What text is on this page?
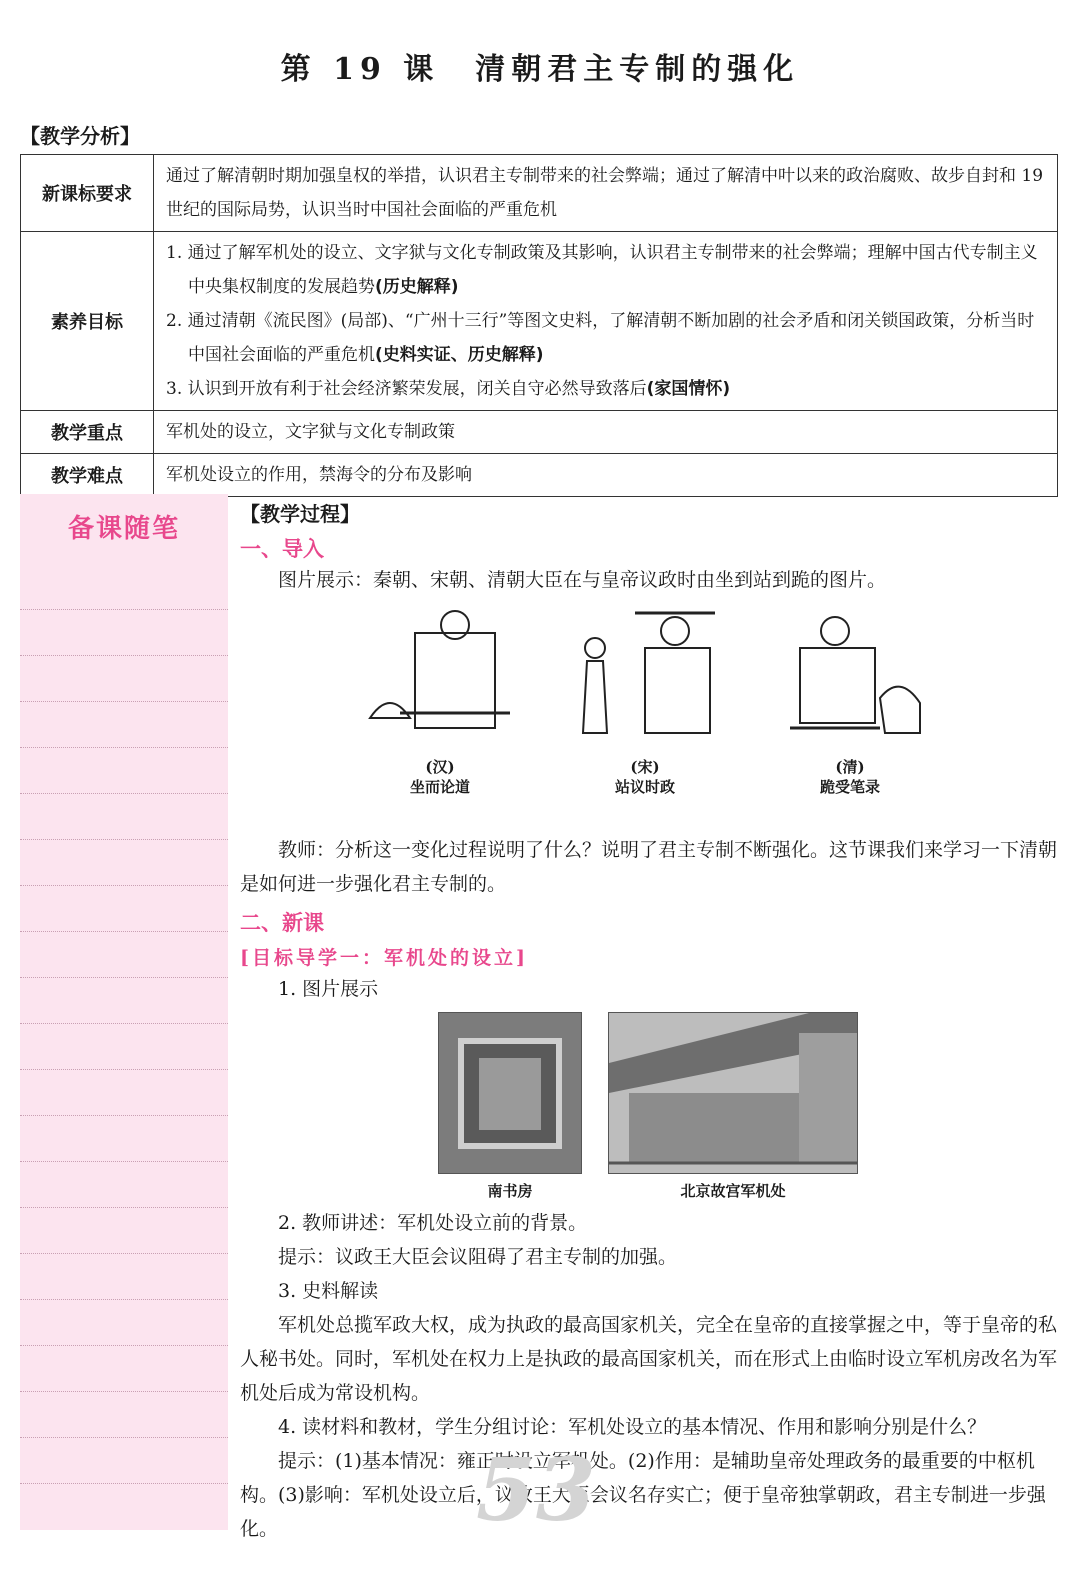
第 19 课　清朝君主专制的强化
【教学分析】
新课标要求	通过了解清朝时期加强皇权的举措，认识君主专制带来的社会弊端；通过了解清中叶以来的政治腐败、故步自封和 19 世纪的国际局势，认识当时中国社会面临的严重危机
素养目标	1. 通过了解军机处的设立、文字狱与文化专制政策及其影响，认识君主专制带来的社会弊端；理解中国古代专制主义中央集权制度的发展趋势(历史解释)
2. 通过清朝《流民图》(局部)、“广州十三行”等图文史料，了解清朝不断加剧的社会矛盾和闭关锁国政策，分析当时中国社会面临的严重危机(史料实证、历史解释)
3. 认识到开放有利于社会经济繁荣发展，闭关自守必然导致落后(家国情怀)

教学重点	军机处的设立，文字狱与文化专制政策
教学难点	军机处设立的作用，禁海令的分布及影响
备课随笔	【教学过程】
一、导入

图片展示：秦朝、宋朝、清朝大臣在与皇帝议政时由坐到站到跪的图片。

(汉)
坐而论道
(宋)
站议时政
(清)
跪受笔录

教师：分析这一变化过程说明了什么？说明了君主专制不断强化。这节课我们来学习一下清朝是如何进一步强化君主专制的。

二、新课
[目标导学一：军机处的设立]

1. 图片展示

南书房	北京故宫军机处

2. 教师讲述：军机处设立前的背景。

提示：议政王大臣会议阻碍了君主专制的加强。

3. 史料解读

军机处总揽军政大权，成为执政的最高国家机关，完全在皇帝的直接掌握之中，等于皇帝的私人秘书处。同时，军机处在权力上是执政的最高国家机关，而在形式上由临时设立军机房改名为军机处后成为常设机构。

4. 读材料和教材，学生分组讨论：军机处设立的基本情况、作用和影响分别是什么？

提示：(1)基本情况：雍正时设立军机处。(2)作用：是辅助皇帝处理政务的最重要的中枢机构。(3)影响：军机处设立后，议政王大臣会议名存实亡；便于皇帝独掌朝政，君主专制进一步强化。	53
